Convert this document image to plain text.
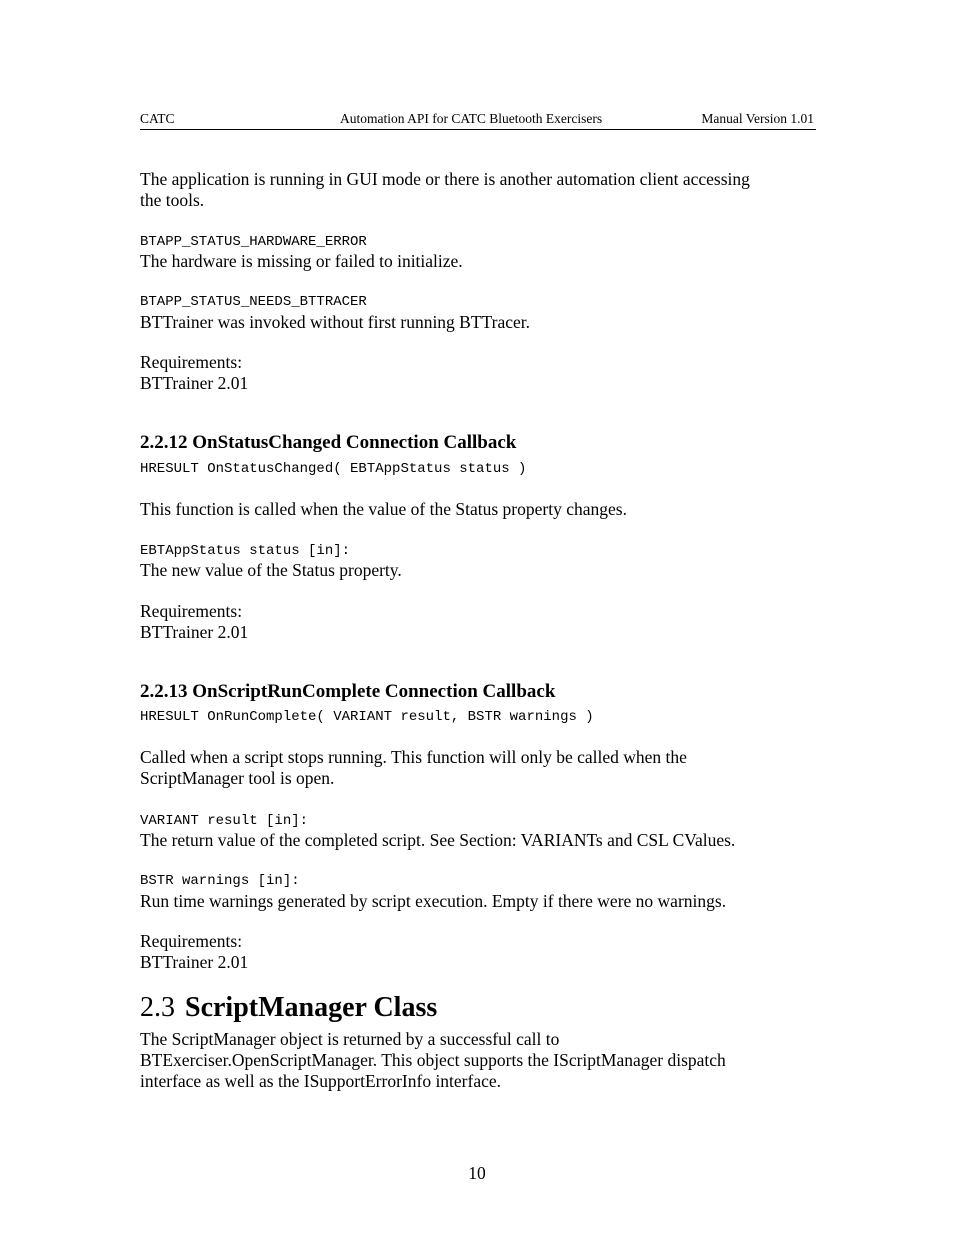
CATC	Automation API for CATC Bluetooth Exercisers	Manual Version 1.01
The application is running in GUI mode or there is another automation client accessing
the tools.
BTAPP_STATUS_HARDWARE_ERROR
The hardware is missing or failed to initialize.
BTAPP_STATUS_NEEDS_BTTRACER
BTTrainer was invoked without first running BTTracer.
Requirements:
BTTrainer 2.01
2.2.12 OnStatusChanged Connection Callback
HRESULT OnStatusChanged( EBTAppStatus status )
This function is called when the value of the Status property changes.
EBTAppStatus status [in]:
The new value of the Status property.
Requirements:
BTTrainer 2.01
2.2.13 OnScriptRunComplete Connection Callback
HRESULT OnRunComplete( VARIANT result, BSTR warnings )
Called when a script stops running. This function will only be called when the
ScriptManager tool is open.
VARIANT result [in]:
The return value of the completed script. See Section: VARIANTs and CSL CValues.
BSTR warnings [in]:
Run time warnings generated by script execution. Empty if there were no warnings.
Requirements:
BTTrainer 2.01
2.3 ScriptManager Class
The ScriptManager object is returned by a successful call to
BTExerciser.OpenScriptManager. This object supports the IScriptManager dispatch
interface as well as the ISupportErrorInfo interface.
10
